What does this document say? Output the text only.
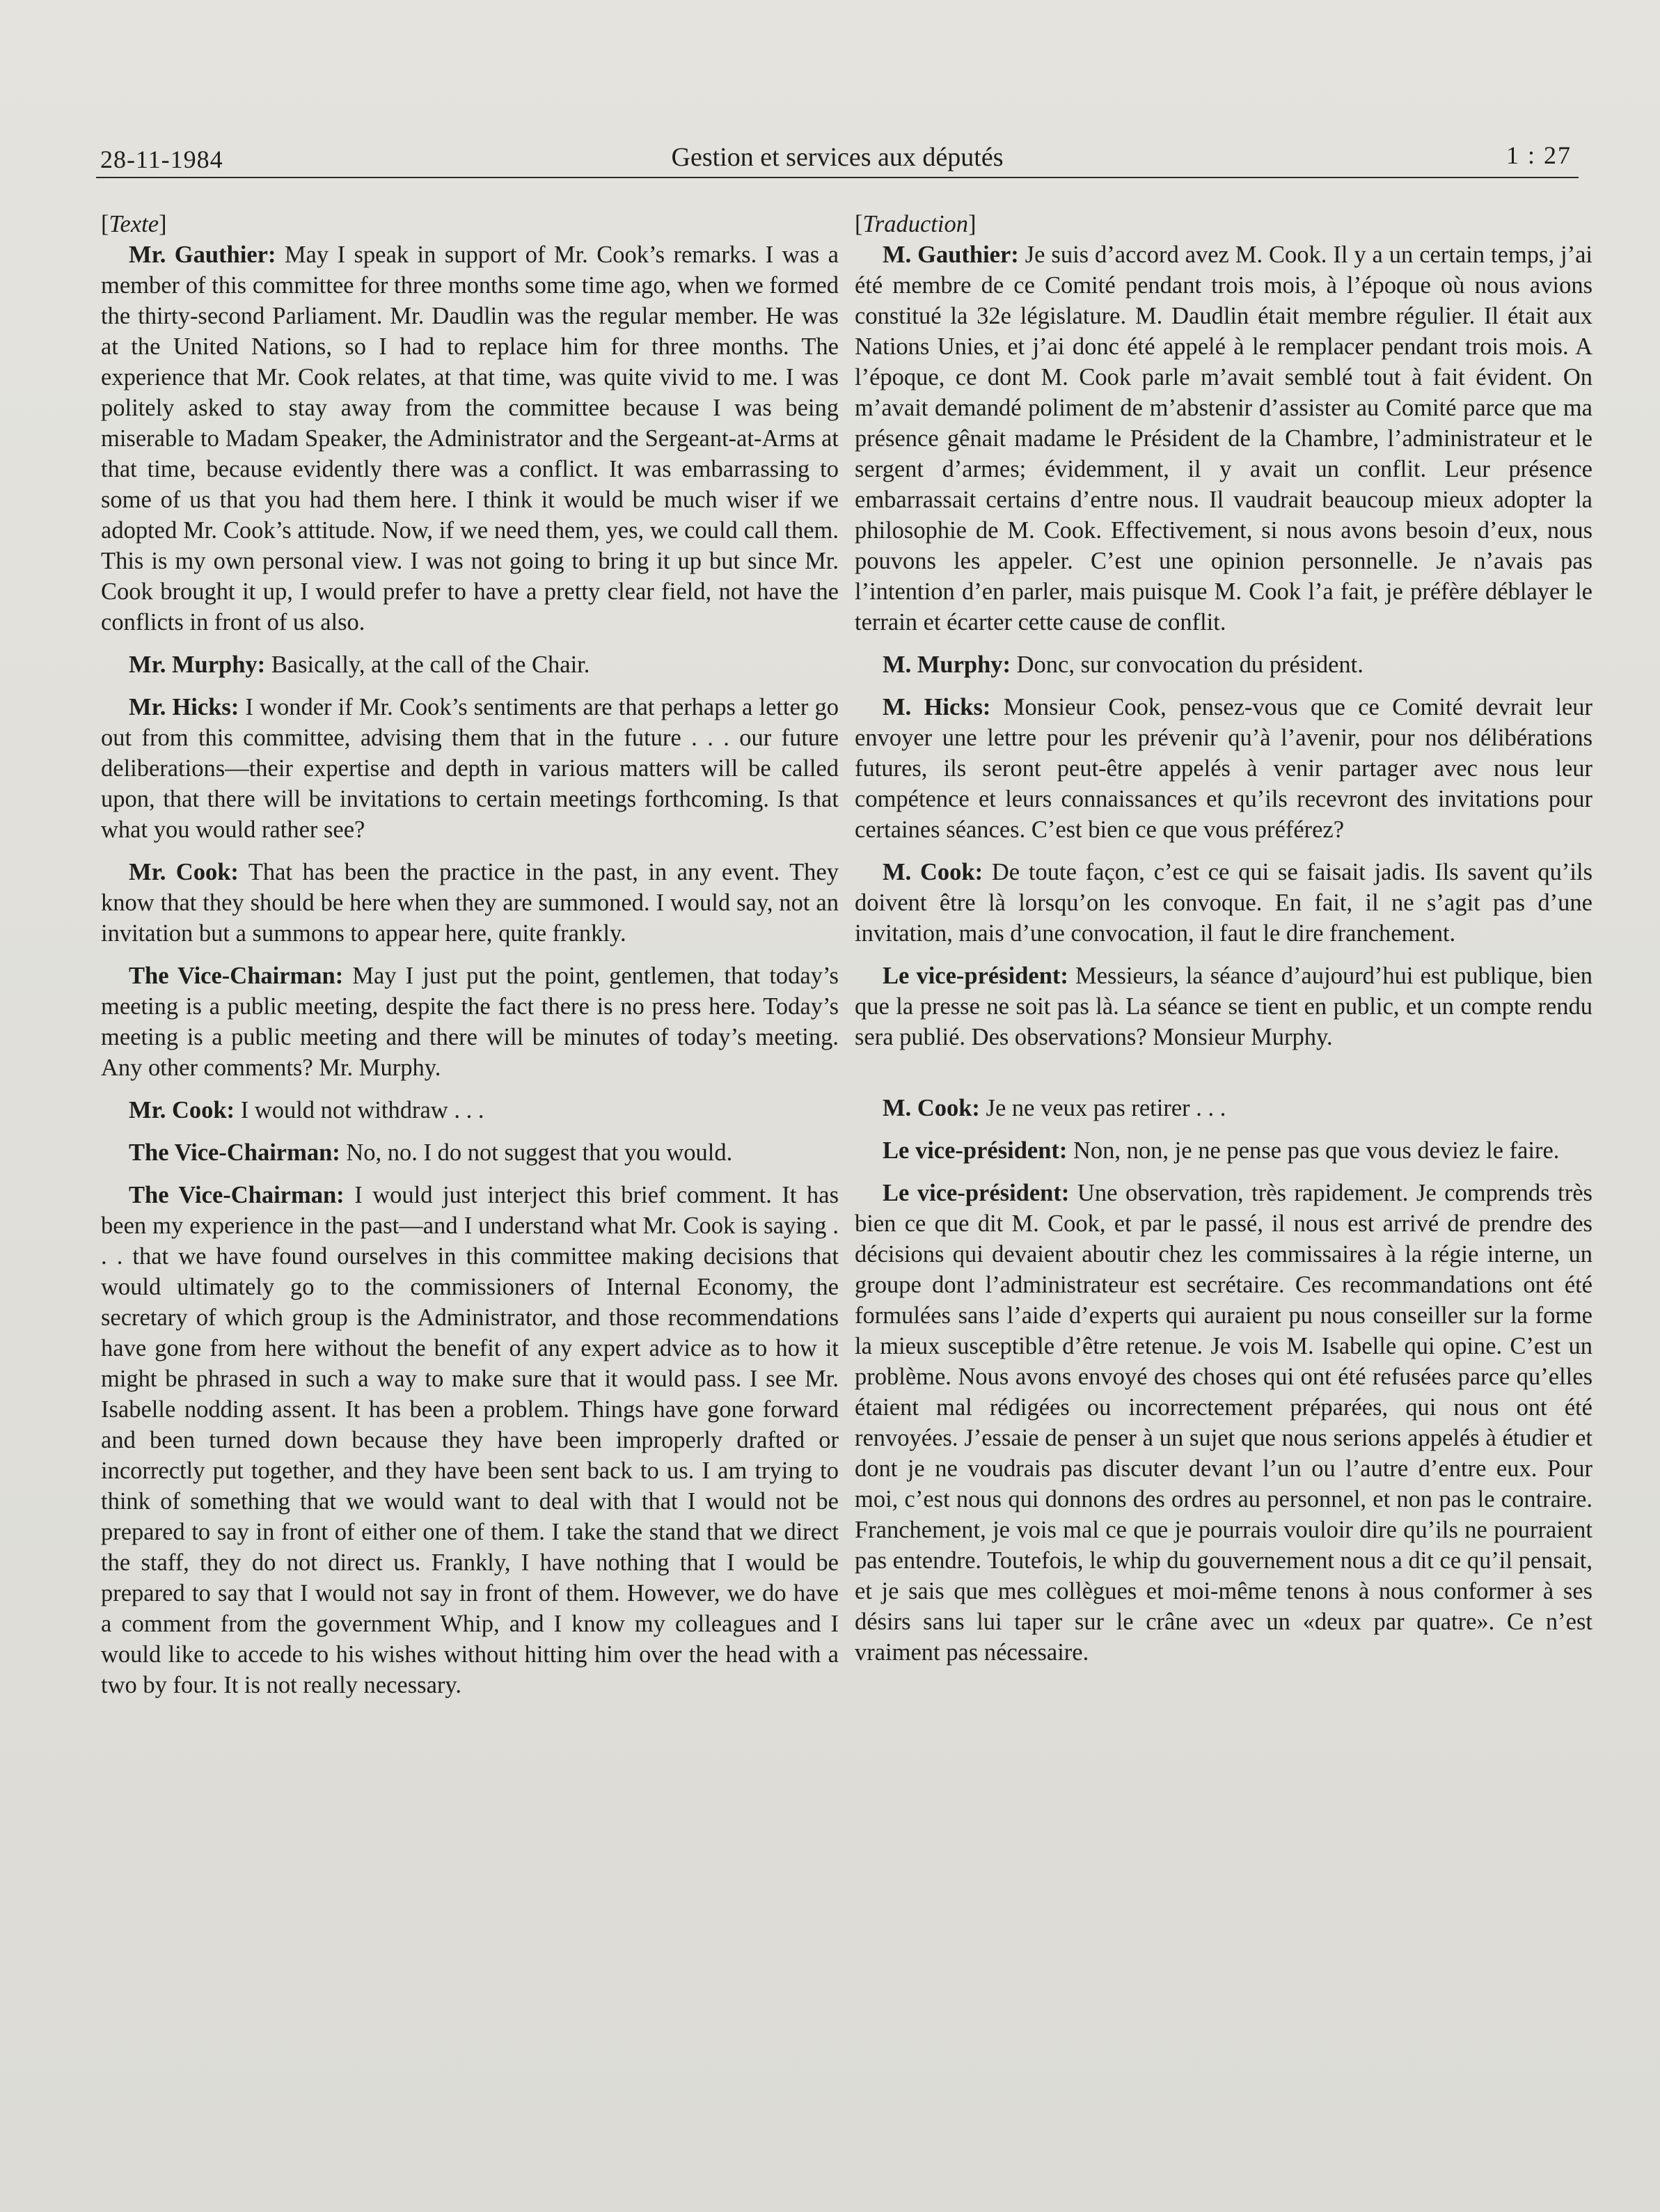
28-11-1984	Gestion et services aux députés	1 : 27
[Texte]

Mr. Gauthier: May I speak in support of Mr. Cook’s remarks. I was a member of this committee for three months some time ago, when we formed the thirty-second Parliament. Mr. Daudlin was the regular member. He was at the United Nations, so I had to replace him for three months. The experience that Mr. Cook relates, at that time, was quite vivid to me. I was politely asked to stay away from the committee because I was being miserable to Madam Speaker, the Administrator and the Sergeant-at-Arms at that time, because evidently there was a conflict. It was embarrassing to some of us that you had them here. I think it would be much wiser if we adopted Mr. Cook’s attitude. Now, if we need them, yes, we could call them. This is my own personal view. I was not going to bring it up but since Mr. Cook brought it up, I would prefer to have a pretty clear field, not have the conflicts in front of us also.

Mr. Murphy: Basically, at the call of the Chair.

Mr. Hicks: I wonder if Mr. Cook’s sentiments are that perhaps a letter go out from this committee, advising them that in the future . . . our future deliberations—their expertise and depth in various matters will be called upon, that there will be invitations to certain meetings forthcoming. Is that what you would rather see?

Mr. Cook: That has been the practice in the past, in any event. They know that they should be here when they are summoned. I would say, not an invitation but a summons to appear here, quite frankly.

The Vice-Chairman: May I just put the point, gentlemen, that today’s meeting is a public meeting, despite the fact there is no press here. Today’s meeting is a public meeting and there will be minutes of today’s meeting. Any other comments? Mr. Murphy.

Mr. Cook: I would not withdraw . . .

The Vice-Chairman: No, no. I do not suggest that you would.

The Vice-Chairman: I would just interject this brief comment. It has been my experience in the past—and I understand what Mr. Cook is saying . . . that we have found ourselves in this committee making decisions that would ultimately go to the commissioners of Internal Economy, the secretary of which group is the Administrator, and those recommendations have gone from here without the benefit of any expert advice as to how it might be phrased in such a way to make sure that it would pass. I see Mr. Isabelle nodding assent. It has been a problem. Things have gone forward and been turned down because they have been improperly drafted or incorrectly put together, and they have been sent back to us. I am trying to think of something that we would want to deal with that I would not be prepared to say in front of either one of them. I take the stand that we direct the staff, they do not direct us. Frankly, I have nothing that I would be prepared to say that I would not say in front of them. However, we do have a comment from the government Whip, and I know my colleagues and I would like to accede to his wishes without hitting him over the head with a two by four. It is not really necessary.

[Traduction]

M. Gauthier: Je suis d’accord avez M. Cook. Il y a un certain temps, j’ai été membre de ce Comité pendant trois mois, à l’époque où nous avions constitué la 32e législature. M. Daudlin était membre régulier. Il était aux Nations Unies, et j’ai donc été appelé à le remplacer pendant trois mois. A l’époque, ce dont M. Cook parle m’avait semblé tout à fait évident. On m’avait demandé poliment de m’abstenir d’assister au Comité parce que ma présence gênait madame le Président de la Chambre, l’administrateur et le sergent d’armes; évidemment, il y avait un conflit. Leur présence embarrassait certains d’entre nous. Il vaudrait beaucoup mieux adopter la philosophie de M. Cook. Effectivement, si nous avons besoin d’eux, nous pouvons les appeler. C’est une opinion personnelle. Je n’avais pas l’intention d’en parler, mais puisque M. Cook l’a fait, je préfère déblayer le terrain et écarter cette cause de conflit.

M. Murphy: Donc, sur convocation du président.

M. Hicks: Monsieur Cook, pensez-vous que ce Comité devrait leur envoyer une lettre pour les prévenir qu’à l’avenir, pour nos délibérations futures, ils seront peut-être appelés à venir partager avec nous leur compétence et leurs connaissances et qu’ils recevront des invitations pour certaines séances. C’est bien ce que vous préférez?

M. Cook: De toute façon, c’est ce qui se faisait jadis. Ils savent qu’ils doivent être là lorsqu’on les convoque. En fait, il ne s’agit pas d’une invitation, mais d’une convocation, il faut le dire franchement.

Le vice-président: Messieurs, la séance d’aujourd’hui est publique, bien que la presse ne soit pas là. La séance se tient en public, et un compte rendu sera publié. Des observations? Monsieur Murphy.

M. Cook: Je ne veux pas retirer . . .

Le vice-président: Non, non, je ne pense pas que vous deviez le faire.

Le vice-président: Une observation, très rapidement. Je comprends très bien ce que dit M. Cook, et par le passé, il nous est arrivé de prendre des décisions qui devaient aboutir chez les commissaires à la régie interne, un groupe dont l’administrateur est secrétaire. Ces recommandations ont été formulées sans l’aide d’experts qui auraient pu nous conseiller sur la forme la mieux susceptible d’être retenue. Je vois M. Isabelle qui opine. C’est un problème. Nous avons envoyé des choses qui ont été refusées parce qu’elles étaient mal rédigées ou incorrectement préparées, qui nous ont été renvoyées. J’essaie de penser à un sujet que nous serions appelés à étudier et dont je ne voudrais pas discuter devant l’un ou l’autre d’entre eux. Pour moi, c’est nous qui donnons des ordres au personnel, et non pas le contraire. Franchement, je vois mal ce que je pourrais vouloir dire qu’ils ne pourraient pas entendre. Toutefois, le whip du gouvernement nous a dit ce qu’il pensait, et je sais que mes collègues et moi-même tenons à nous conformer à ses désirs sans lui taper sur le crâne avec un «deux par quatre». Ce n’est vraiment pas nécessaire.
